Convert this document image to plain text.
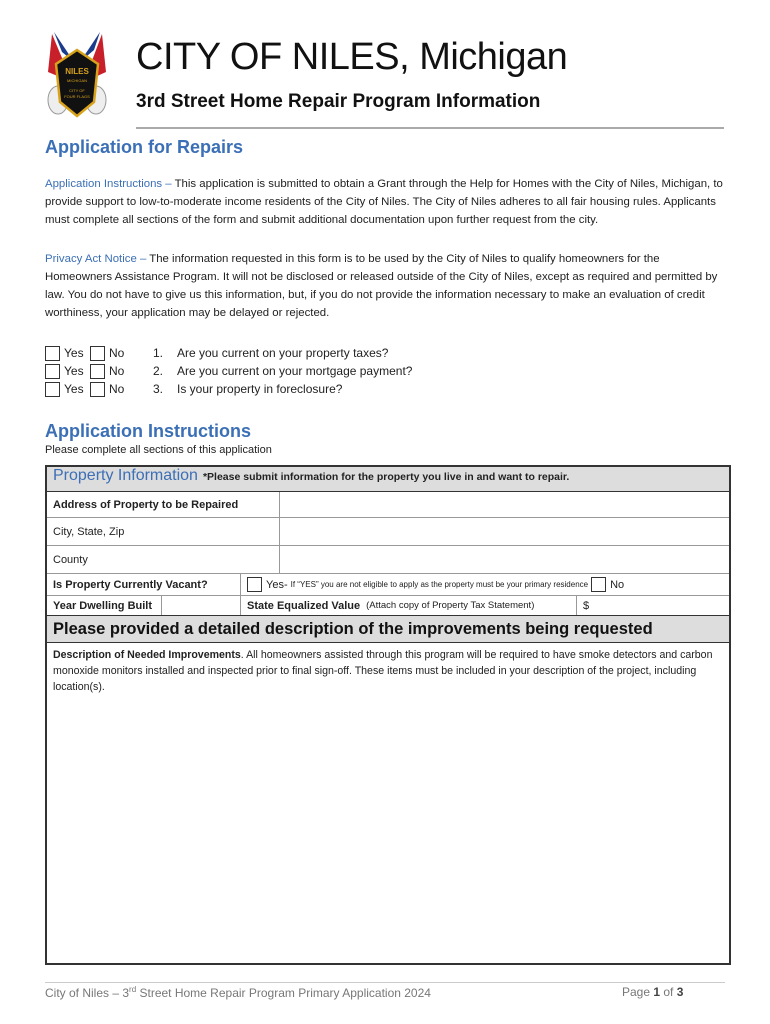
NILES
MICHIGAN
CITY OF
FOUR FLAGS
CITY OF NILES, Michigan
3rd Street Home Repair Program Information
Application for Repairs
Application Instructions – This application is submitted to obtain a Grant through the Help for Homes with the City of Niles, Michigan, to provide support to low-to-moderate income residents of the City of Niles. The City of Niles adheres to all fair housing rules. Applicants must complete all sections of the form and submit additional documentation upon further request from the city.
Privacy Act Notice – The information requested in this form is to be used by the City of Niles to qualify homeowners for the Homeowners Assistance Program. It will not be disclosed or released outside of the City of Niles, except as required and permitted by law. You do not have to give us this information, but, if you do not provide the information necessary to make an evaluation of credit worthiness, your application may be delayed or rejected.
Yes	No	1.	Are you current on your property taxes?
Yes	No	2.	Are you current on your mortgage payment?
Yes	No	3.	Is your property in foreclosure?
Application Instructions
Please complete all sections of this application
Property Information *Please submit information for the property you live in and want to repair.
Address of Property to be Repaired
City, State, Zip
County
Is Property Currently Vacant?	Yes- If “YES” you are not eligible to apply as the property must be your primary residence No
Year Dwelling Built	State Equalized Value (Attach copy of Property Tax Statement)	$
Please provided a detailed description of the improvements being requested
Description of Needed Improvements. All homeowners assisted through this program will be required to have smoke detectors and carbon monoxide monitors installed and inspected prior to final sign-off. These items must be included in your description of the project, including location(s).
City of Niles – 3rd Street Home Repair Program Primary Application 2024	Page 1 of 3
